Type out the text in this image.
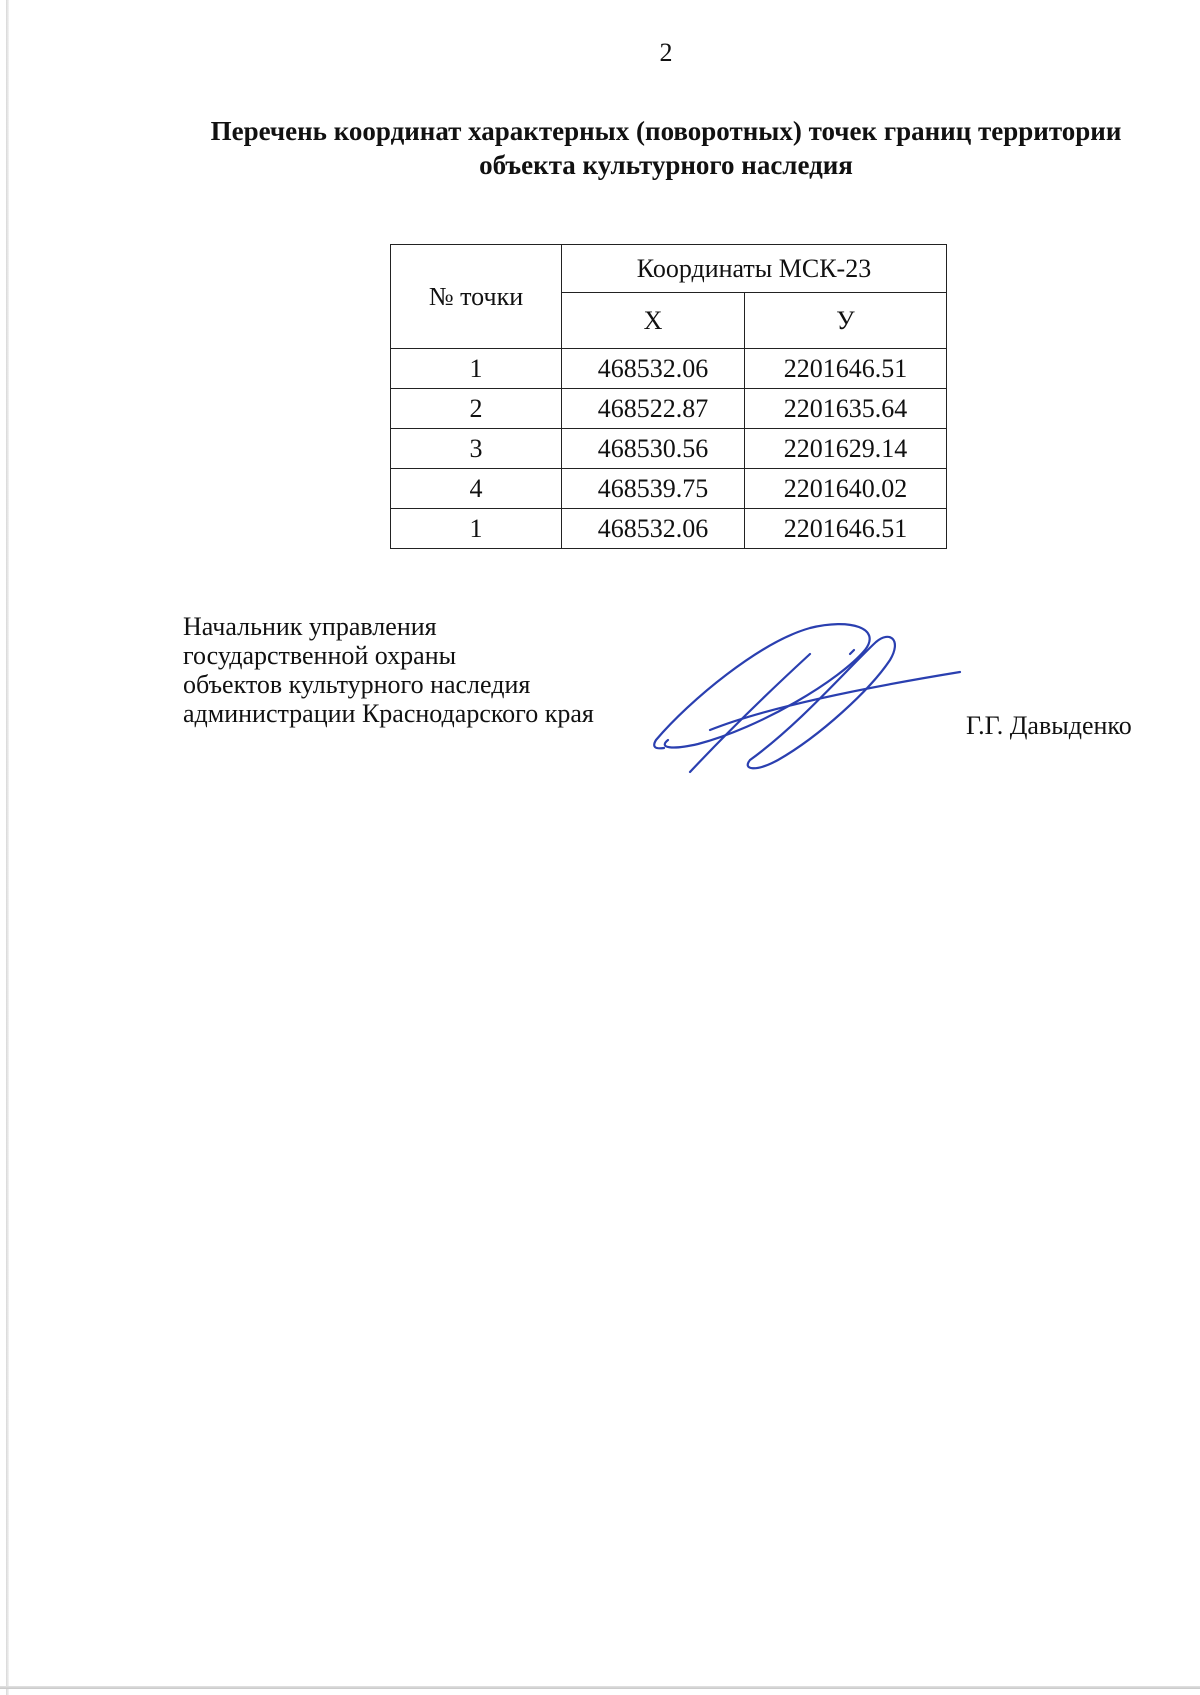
2
Перечень координат характерных (поворотных) точек границ территории
объекта культурного наследия
№ точки	Координаты МСК-23	
	Х	У
1	468532.06	2201646.51
2	468522.87	2201635.64
3	468530.56	2201629.14
4	468539.75	2201640.02
1	468532.06	2201646.51
Начальник управления
государственной охраны
объектов культурного наследия
администрации Краснодарского края	Г.Г. Давыденко
